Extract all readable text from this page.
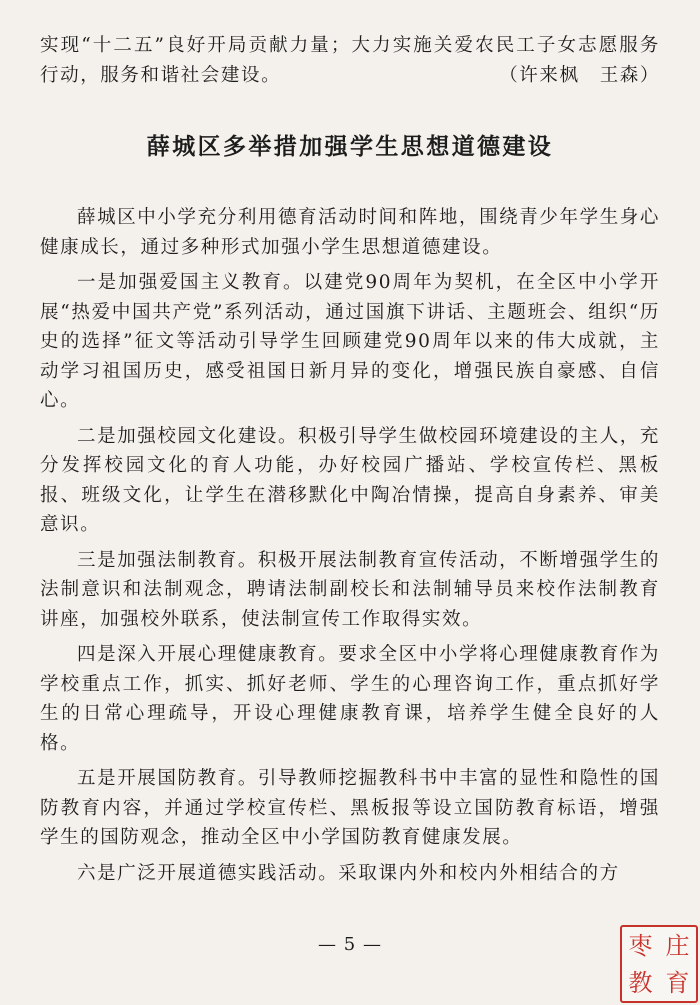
实现“十二五”良好开局贡献力量；大力实施关爱农民工子女志愿服务行动，服务和谐社会建设。	（许来枫　王森）

薛城区多举措加强学生思想道德建设

薛城区中小学充分利用德育活动时间和阵地，围绕青少年学生身心健康成长，通过多种形式加强小学生思想道德建设。

一是加强爱国主义教育。以建党90周年为契机，在全区中小学开展“热爱中国共产党”系列活动，通过国旗下讲话、主题班会、组织“历史的选择”征文等活动引导学生回顾建党90周年以来的伟大成就，主动学习祖国历史，感受祖国日新月异的变化，增强民族自豪感、自信心。

二是加强校园文化建设。积极引导学生做校园环境建设的主人，充分发挥校园文化的育人功能，办好校园广播站、学校宣传栏、黑板报、班级文化，让学生在潜移默化中陶冶情操，提高自身素养、审美意识。

三是加强法制教育。积极开展法制教育宣传活动，不断增强学生的法制意识和法制观念，聘请法制副校长和法制辅导员来校作法制教育讲座，加强校外联系，使法制宣传工作取得实效。

四是深入开展心理健康教育。要求全区中小学将心理健康教育作为学校重点工作，抓实、抓好老师、学生的心理咨询工作，重点抓好学生的日常心理疏导，开设心理健康教育课，培养学生健全良好的人格。

五是开展国防教育。引导教师挖掘教科书中丰富的显性和隐性的国防教育内容，并通过学校宣传栏、黑板报等设立国防教育标语，增强学生的国防观念，推动全区中小学国防教育健康发展。

六是广泛开展道德实践活动。采取课内外和校内外相结合的方

— 5 —	枣 庄
教 育
